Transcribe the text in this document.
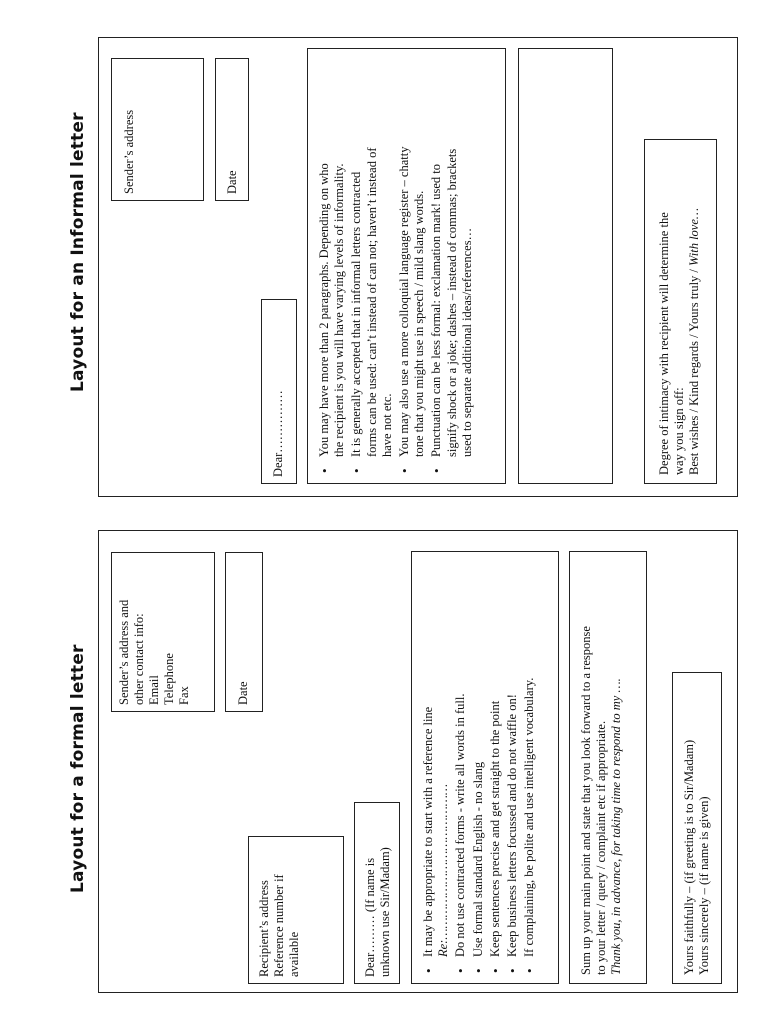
Layout for a formal letter Sender’s address and other contact info: Email Telephone Fax	Date
Recipient’s address Reference number if available	Dear……… (If name is unknown use Sir/Madam) • It may be appropriate to start with a reference line Re:…………………………………… • Do not use contracted forms - write all words in full. • Use formal standard English - no slang • Keep sentences precise and get straight to the point • Keep business letters focussed and do not waffle on! • If complaining, be polite and use intelligent vocabulary.	Sum up your main point and state that you look forward to a response to your letter / query / complaint etc if appropriate. Thank you, in advance, for taking time to respond to my ….	Yours faithfully – (if greeting is to Sir/Madam) Yours sincerely – (if name is given)
Layout for an Informal letter	Sender’s address	Date
Dear……………	• You may have more than 2 paragraphs. Depending on who the recipient is you will have varying levels of informality. • It is generally accepted that in informal letters contracted forms can be used: can’t instead of can not; haven’t instead of have not etc. • You may also use a more colloquial language register – chatty tone that you might use in speech / mild slang words. • Punctuation can be less formal: exclamation mark! used to signify shock or a joke; dashes – instead of commas; brackets used to separate additional ideas/references…	Degree of intimacy with recipient will determine the way you sign off: Best wishes / Kind regards / Yours truly / With love…
